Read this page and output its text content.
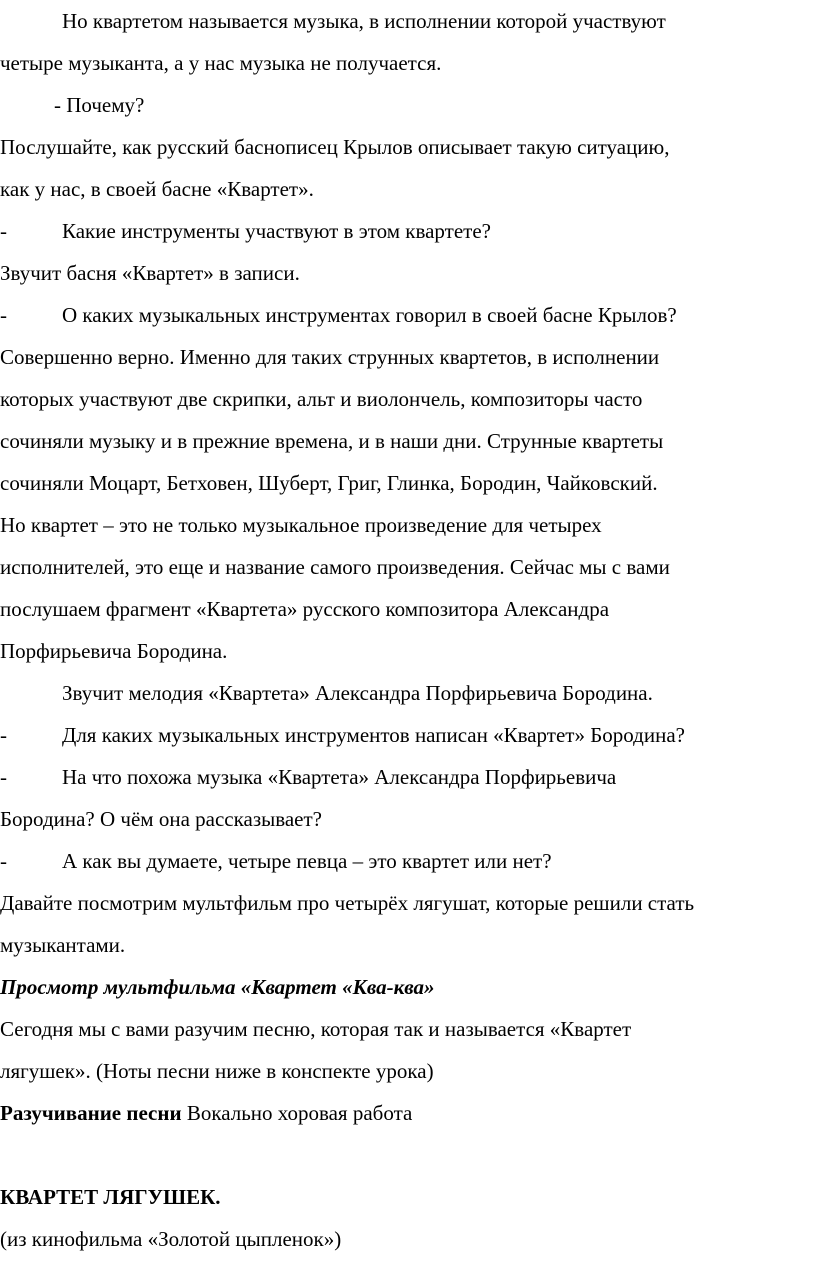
Но квартетом называется музыка, в исполнении которой участвуют

четыре музыканта, а у нас музыка не получается.

- Почему?

Послушайте, как русский баснописец Крылов описывает такую ситуацию,

как у нас, в своей басне «Квартет».

-	Какие инструменты участвуют в этом квартете?

Звучит басня «Квартет» в записи.

-	О каких музыкальных инструментах говорил в своей басне Крылов?

Совершенно верно. Именно для таких струнных квартетов, в исполнении

которых участвуют две скрипки, альт и виолончель, композиторы часто

сочиняли музыку и в прежние времена, и в наши дни. Струнные квартеты

сочиняли Моцарт, Бетховен, Шуберт, Григ, Глинка, Бородин, Чайковский.

Но квартет – это не только музыкальное произведение для четырех

исполнителей, это еще и название самого произведения. Сейчас мы с вами

послушаем фрагмент «Квартета» русского композитора Александра

Порфирьевича Бородина.

Звучит мелодия «Квартета» Александра Порфирьевича Бородина.

-	Для каких музыкальных инструментов написан «Квартет» Бородина?

-	На что похожа музыка «Квартета» Александра Порфирьевича

Бородина? О чём она рассказывает?

-	А как вы думаете, четыре певца – это квартет или нет?

Давайте посмотрим мультфильм про четырёх лягушат, которые решили стать

музыкантами.

Просмотр мультфильма «Квартет «Ква-ква»

Сегодня мы с вами разучим песню, которая так и называется «Квартет

лягушек». (Ноты песни ниже в конспекте урока)

Разучивание песни Вокально хоровая работа

КВАРТЕТ ЛЯГУШЕК.

(из кинофильма «Золотой цыпленок»)
